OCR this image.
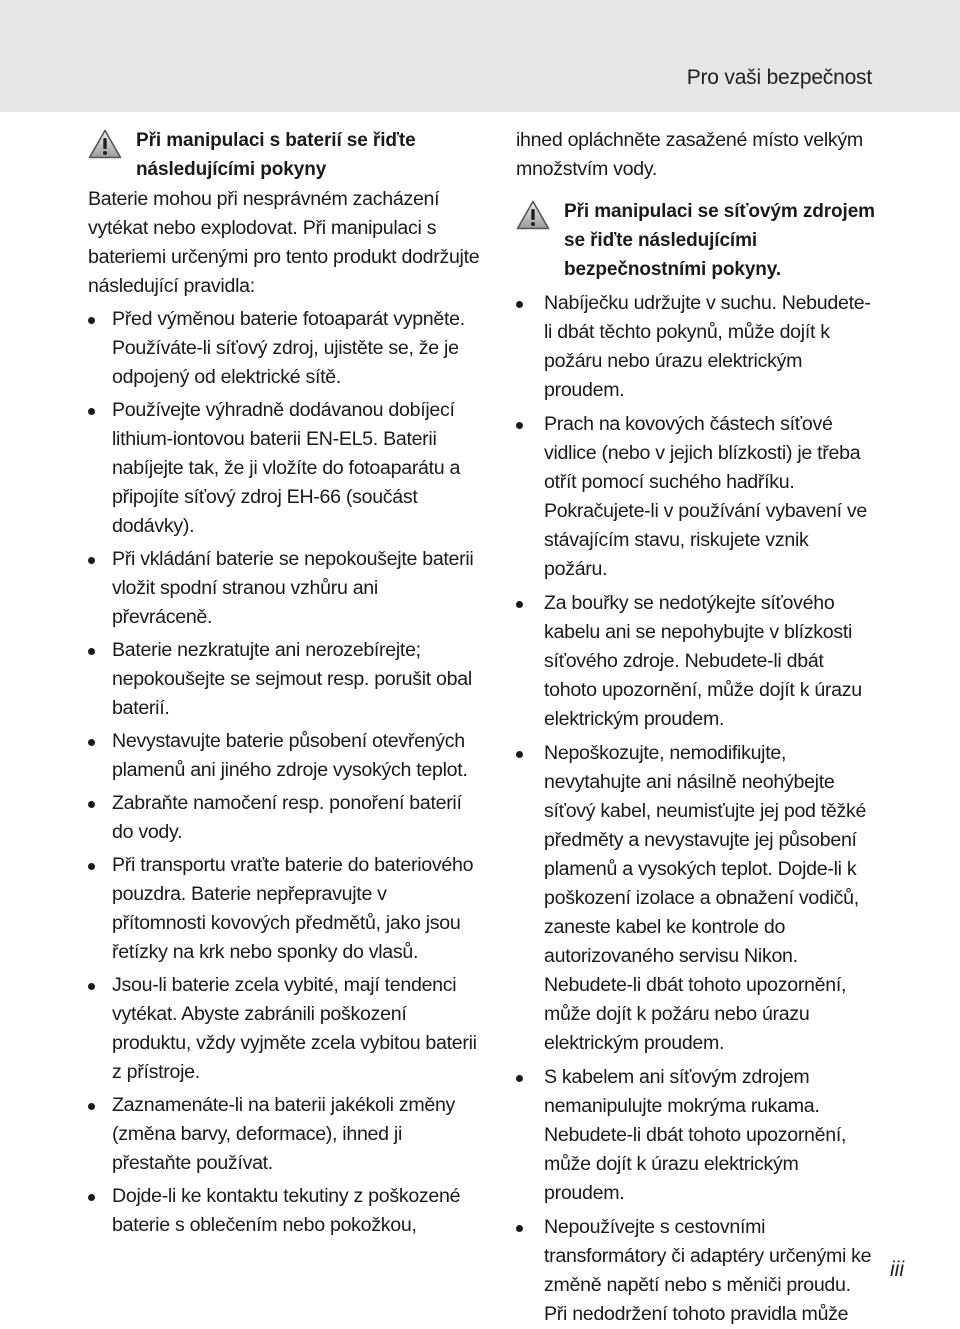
Pro vaši bezpečnost
Při manipulaci s baterií se řiďte následujícími pokyny

Baterie mohou při nesprávném zacházení vytékat nebo explodovat. Při manipulaci s bateriemi určenými pro tento produkt dodržujte následující pravidla:

Před výměnou baterie fotoaparát vypněte. Používáte-li síťový zdroj, ujistěte se, že je odpojený od elektrické sítě.
Používejte výhradně dodávanou dobíjecí lithium-iontovou baterii EN-EL5. Baterii nabíjejte tak, že ji vložíte do fotoaparátu a připojíte síťový zdroj EH-66 (součást dodávky).
Při vkládání baterie se nepokoušejte baterii vložit spodní stranou vzhůru ani převráceně.
Baterie nezkratujte ani nerozebírejte; nepokoušejte se sejmout resp. porušit obal baterií.
Nevystavujte baterie působení otevřených plamenů ani jiného zdroje vysokých teplot.
Zabraňte namočení resp. ponoření baterií do vody.
Při transportu vraťte baterie do bateriového pouzdra. Baterie nepřepravujte v přítomnosti kovových předmětů, jako jsou řetízky na krk nebo sponky do vlasů.
Jsou-li baterie zcela vybité, mají tendenci vytékat. Abyste zabránili poškození produktu, vždy vyjměte zcela vybitou baterii z přístroje.
Zaznamenáte-li na baterii jakékoli změny (změna barvy, deformace), ihned ji přestaňte používat.
Dojde-li ke kontaktu tekutiny z poškozené baterie s oblečením nebo pokožkou,

ihned opláchněte zasažené místo velkým množstvím vody.

Při manipulaci se síťovým zdrojem se řiďte následujícími bezpečnostními pokyny.
Nabíječku udržujte v suchu. Nebudete-li dbát těchto pokynů, může dojít k požáru nebo úrazu elektrickým proudem.
Prach na kovových částech síťové vidlice (nebo v jejich blízkosti) je třeba otřít pomocí suchého hadříku. Pokračujete-li v používání vybavení ve stávajícím stavu, riskujete vznik požáru.
Za bouřky se nedotýkejte síťového kabelu ani se nepohybujte v blízkosti síťového zdroje. Nebudete-li dbát tohoto upozornění, může dojít k úrazu elektrickým proudem.
Nepoškozujte, nemodifikujte, nevytahujte ani násilně neohýbejte síťový kabel, neumisťujte jej pod těžké předměty a nevystavujte jej působení plamenů a vysokých teplot. Dojde-li k poškození izolace a obnažení vodičů, zaneste kabel ke kontrole do autorizovaného servisu Nikon. Nebudete-li dbát tohoto upozornění, může dojít k požáru nebo úrazu elektrickým proudem.
S kabelem ani síťovým zdrojem nemanipulujte mokrýma rukama. Nebudete-li dbát tohoto upozornění, může dojít k úrazu elektrickým proudem.
Nepoužívejte s cestovními transformátory či adaptéry určenými ke změně napětí nebo s měniči proudu. Při nedodržení tohoto pravidla může
iii
